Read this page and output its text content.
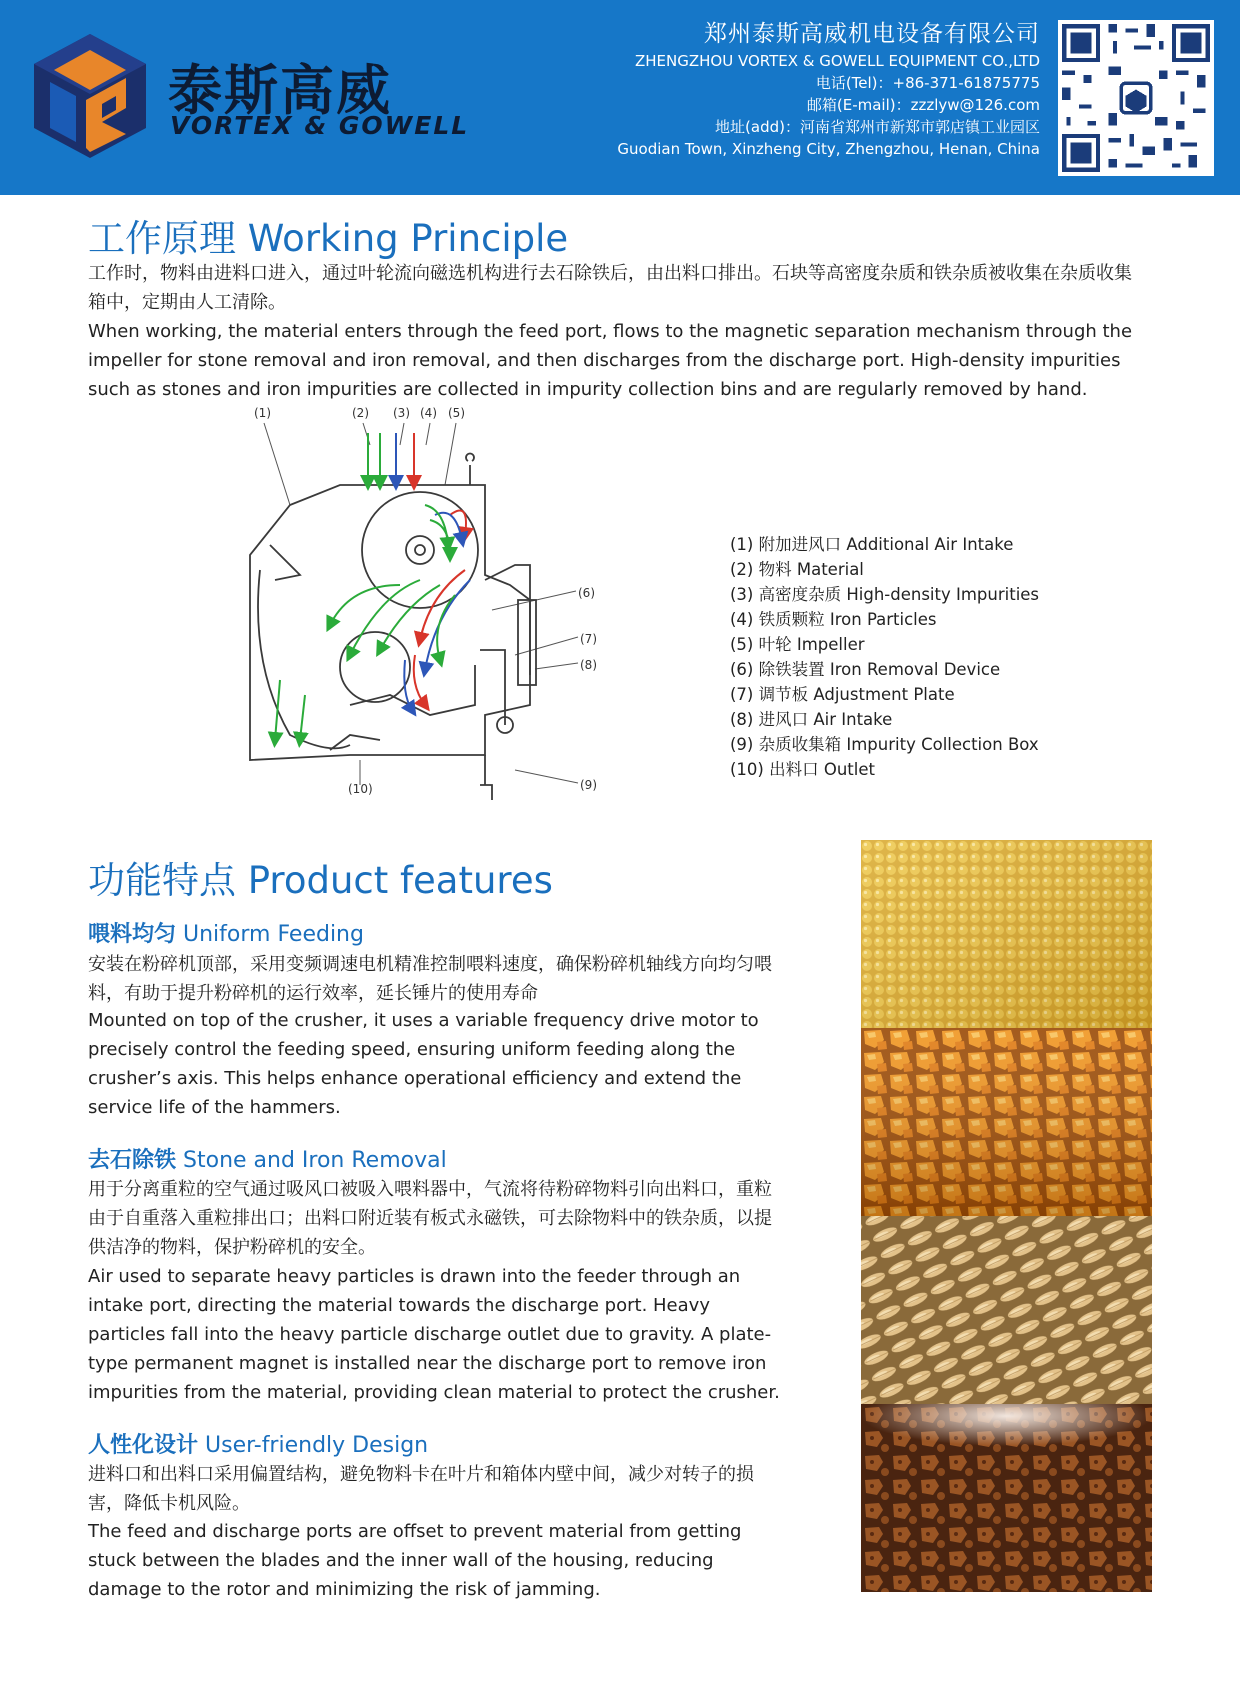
泰斯高威
VORTEX & GOWELL
郑州泰斯高威机电设备有限公司
ZHENGZHOU VORTEX & GOWELL EQUIPMENT CO.,LTD
电话(Tel)：+86-371-61875775
邮箱(E-mail)：zzzlyw@126.com
地址(add)：河南省郑州市新郑市郭店镇工业园区
Guodian Town, Xinzheng City, Zhengzhou, Henan, China
工作原理 Working Principle
工作时，物料由进料口进入，通过叶轮流向磁选机构进行去石除铁后，由出料口排出。石块等高密度杂质和铁杂质被收集在杂质收集箱中，定期由人工清除。
When working, the material enters through the feed port, flows to the magnetic separation mechanism through the impeller for stone removal and iron removal, and then discharges from the discharge port. High-density impurities such as stones and iron impurities are collected in impurity collection bins and are regularly removed by hand.
(1)	(2) (3) (4) (5)
(6)
(7)
(8)
(9)
(10)
(1) 附加进风口 Additional Air Intake
(2) 物料 Material
(3) 高密度杂质 High-density Impurities
(4) 铁质颗粒 Iron Particles
(5) 叶轮 Impeller
(6) 除铁装置 Iron Removal Device
(7) 调节板 Adjustment Plate
(8) 进风口 Air Intake
(9) 杂质收集箱 Impurity Collection Box
(10) 出料口 Outlet
功能特点 Product features
喂料均匀 Uniform Feeding
安装在粉碎机顶部，采用变频调速电机精准控制喂料速度，确保粉碎机轴线方向均匀喂料，有助于提升粉碎机的运行效率，延长锤片的使用寿命
Mounted on top of the crusher, it uses a variable frequency drive motor to precisely control the feeding speed, ensuring uniform feeding along the crusher’s axis. This helps enhance operational efficiency and extend the service life of the hammers.
去石除铁 Stone and Iron Removal
用于分离重粒的空气通过吸风口被吸入喂料器中，气流将待粉碎物料引向出料口，重粒由于自重落入重粒排出口；出料口附近装有板式永磁铁，可去除物料中的铁杂质，以提供洁净的物料，保护粉碎机的安全。
Air used to separate heavy particles is drawn into the feeder through an intake port, directing the material towards the discharge port. Heavy particles fall into the heavy particle discharge outlet due to gravity. A plate-type permanent magnet is installed near the discharge port to remove iron impurities from the material, providing clean material to protect the crusher.
人性化设计 User-friendly Design
进料口和出料口采用偏置结构，避免物料卡在叶片和箱体内壁中间，减少对转子的损害，降低卡机风险。
The feed and discharge ports are offset to prevent material from getting stuck between the blades and the inner wall of the housing, reducing damage to the rotor and minimizing the risk of jamming.
